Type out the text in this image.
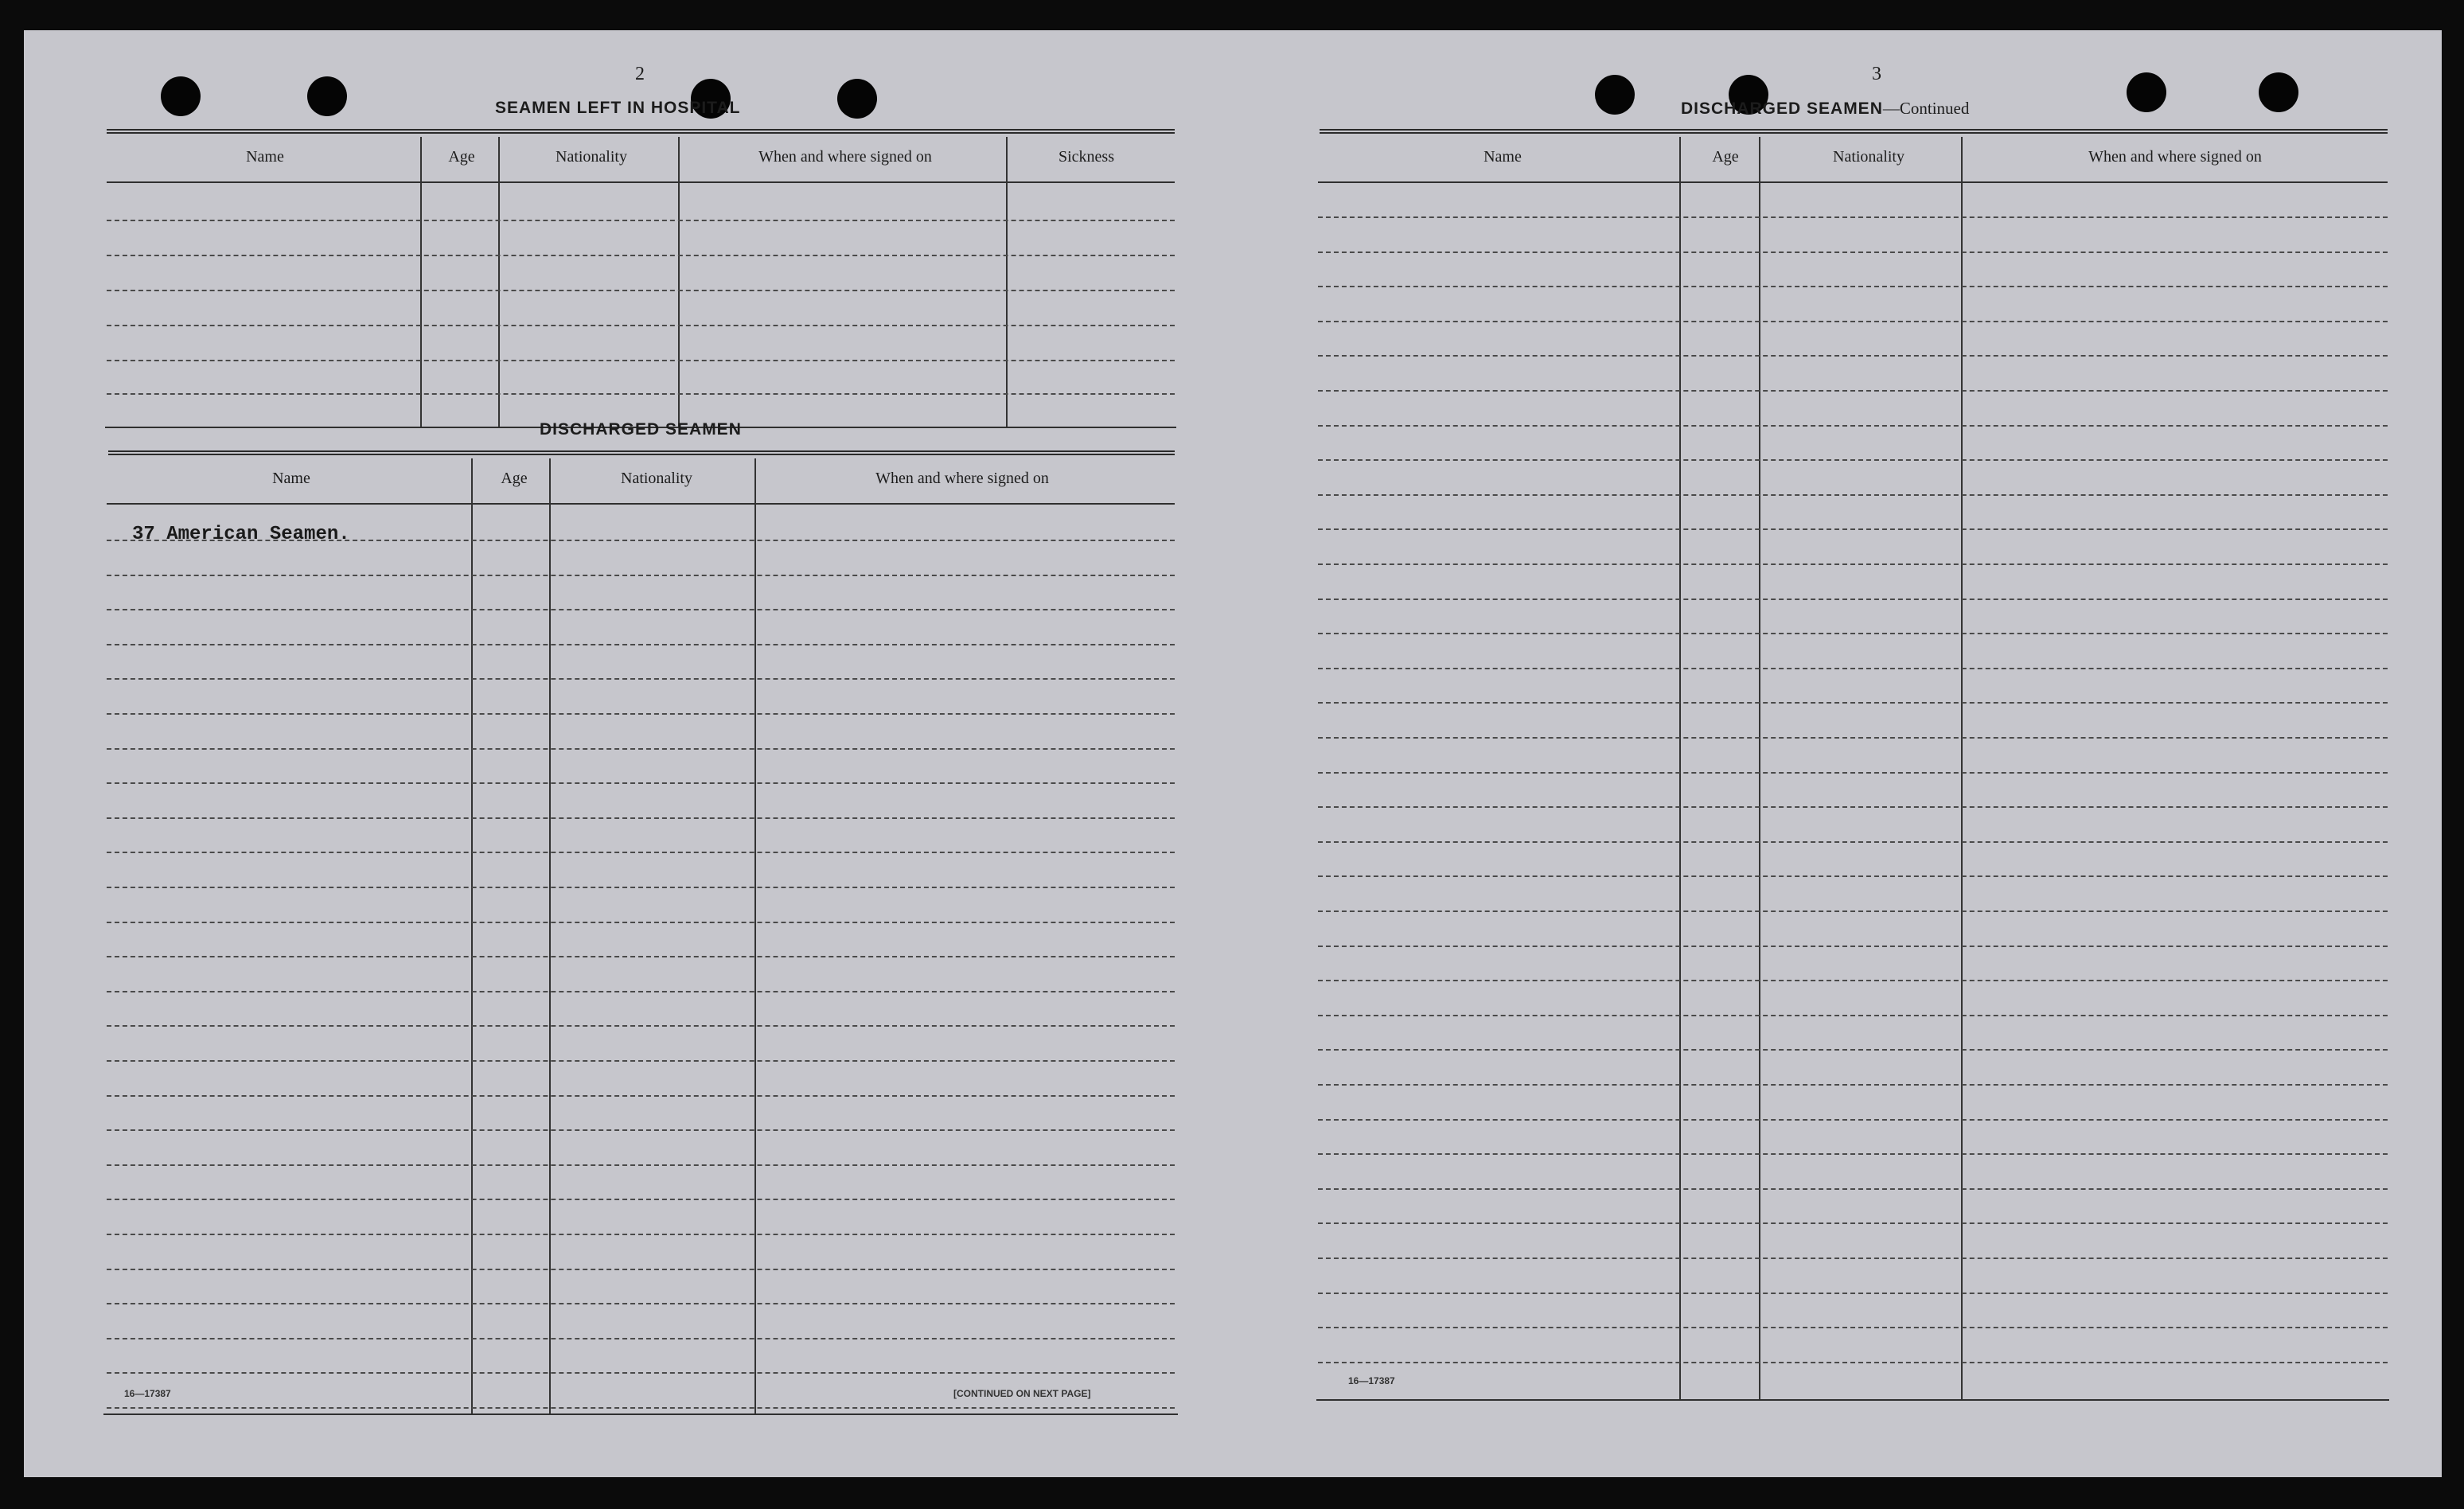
2
SEAMEN LEFT IN HOSPITAL
Name	Age	Nationality	When and where signed on	Sickness
DISCHARGED SEAMEN
Name	Age	Nationality	When and where signed on
37 American Seamen.
16—17387	[CONTINUED ON NEXT PAGE]
3
DISCHARGED SEAMEN—Continued
Name	Age	Nationality	When and where signed on
16—17387
